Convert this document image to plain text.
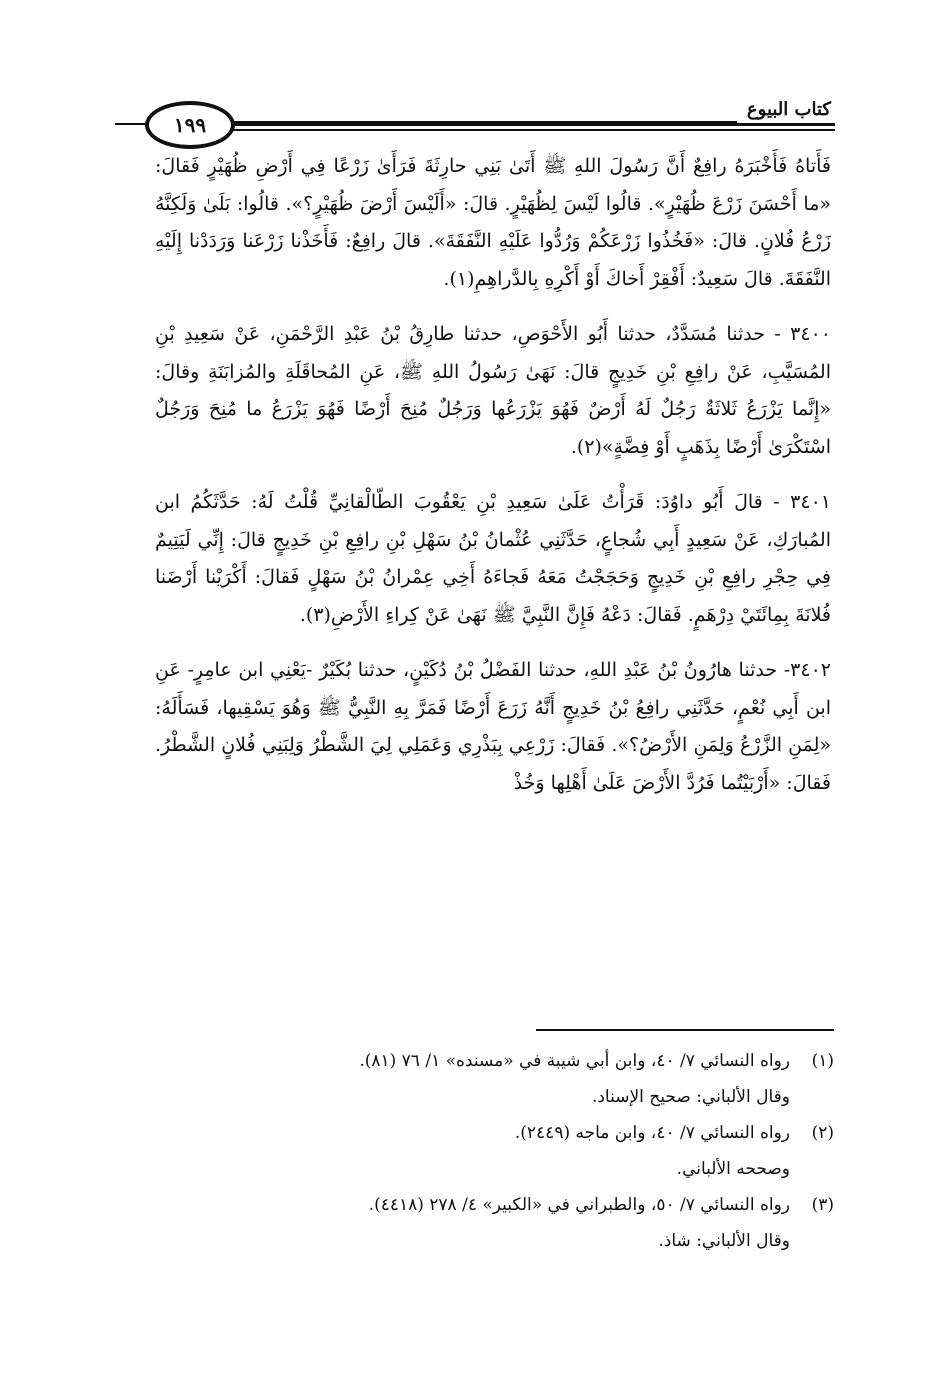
١٩٩
كتاب البيوع

فَأَتاهُ فَأَخْبَرَهُ رافِعٌ أَنَّ رَسُولَ اللهِ ﷺ أَتَىٰ بَنِي حارِثَةَ فَرَأَىٰ زَرْعًا فِي أَرْضِ ظُهَيْرٍ فَقالَ: «ما أَحْسَنَ زَرْعَ ظُهَيْرٍ». قالُوا لَيْسَ لِظُهَيْرٍ. قالَ: «أَلَيْسَ أَرْضَ ظُهَيْرٍ؟». قالُوا: بَلَىٰ وَلَكِنَّهُ زَرْعُ فُلانٍ. قالَ: «فَخُذُوا زَرْعَكُمْ وَرُدُّوا عَلَيْهِ النَّفَقَةَ». قالَ رافِعٌ: فَأَخَذْنا زَرْعَنا وَرَدَدْنا إِلَيْهِ النَّفَقَةَ. قالَ سَعِيدٌ: أَفْقِرْ أَخاكَ أَوْ أَكْرِهِ بِالدَّراهِمِ(١).

٣٤٠٠ - حدثنا مُسَدَّدٌ، حدثنا أَبُو الأَحْوَصِ، حدثنا طارِقُ بْنُ عَبْدِ الرَّحْمَنِ، عَنْ سَعِيدِ بْنِ المُسَيَّبِ، عَنْ رافِعِ بْنِ خَدِيجٍ قالَ: نَهَىٰ رَسُولُ اللهِ ﷺ، عَنِ المُحاقَلَةِ والمُزابَنَةِ وقالَ: «إِنَّما يَزْرَعُ ثَلاثَةٌ رَجُلٌ لَهُ أَرْضٌ فَهُوَ يَزْرَعُها وَرَجُلٌ مُنِحَ أَرْضًا فَهُوَ يَزْرَعُ ما مُنِحَ وَرَجُلٌ اسْتَكْرَىٰ أَرْضًا بِذَهَبٍ أَوْ فِضَّةٍ»(٢).

٣٤٠١ - قالَ أَبُو داوُدَ: قَرَأْتُ عَلَىٰ سَعِيدِ بْنِ يَعْقُوبَ الطّالْقانِيِّ قُلْتُ لَهُ: حَدَّثَكُمُ ابن المُبارَكِ، عَنْ سَعِيدٍ أَبِي شُجاعٍ، حَدَّثَنِي عُثْمانُ بْنُ سَهْلِ بْنِ رافِعِ بْنِ خَدِيجٍ قالَ: إِنِّي لَيَتِيمٌ فِي حِجْرِ رافِعِ بْنِ خَدِيجٍ وَحَجَجْتُ مَعَهُ فَجاءَهُ أَخِي عِمْرانُ بْنُ سَهْلٍ فَقالَ: أَكْرَيْنا أَرْضَنا فُلانَةَ بِمِائَتَيْ دِرْهَمٍ. فَقالَ: دَعْهُ فَإِنَّ النَّبِيَّ ﷺ نَهَىٰ عَنْ كِراءِ الأَرْضِ(٣).

٣٤٠٢- حدثنا هارُونُ بْنُ عَبْدِ اللهِ، حدثنا الفَضْلُ بْنُ دُكَيْنٍ، حدثنا بُكَيْرٌ -يَعْنِي ابن عامِرٍ- عَنِ ابن أَبِي نُعْمٍ، حَدَّثَنِي رافِعُ بْنُ خَدِيجٍ أَنَّهُ زَرَعَ أَرْضًا فَمَرَّ بِهِ النَّبِيُّ ﷺ وَهُوَ يَسْقِيها، فَسَأَلَهُ: «لِمَنِ الزَّرْعُ وَلِمَنِ الأَرْضُ؟». فَقالَ: زَرْعِي بِبَذْرِي وَعَمَلِي لِيَ الشَّطْرُ وَلِبَنِي فُلانٍ الشَّطْرُ. فَقالَ: «أَرْبَيْتُما فَرُدَّ الأَرْضَ عَلَىٰ أَهْلِها وَخُذْ

(١)رواه النسائي ٧/ ٤٠، وابن أبي شيبة في «مسنده» ١/ ٧٦ (٨١).
وقال الألباني: صحيح الإسناد.
(٢)رواه النسائي ٧/ ٤٠، وابن ماجه (٢٤٤٩).
وصححه الألباني.
(٣)رواه النسائي ٧/ ٥٠، والطبراني في «الكبير» ٤/ ٢٧٨ (٤٤١٨).
وقال الألباني: شاذ.
